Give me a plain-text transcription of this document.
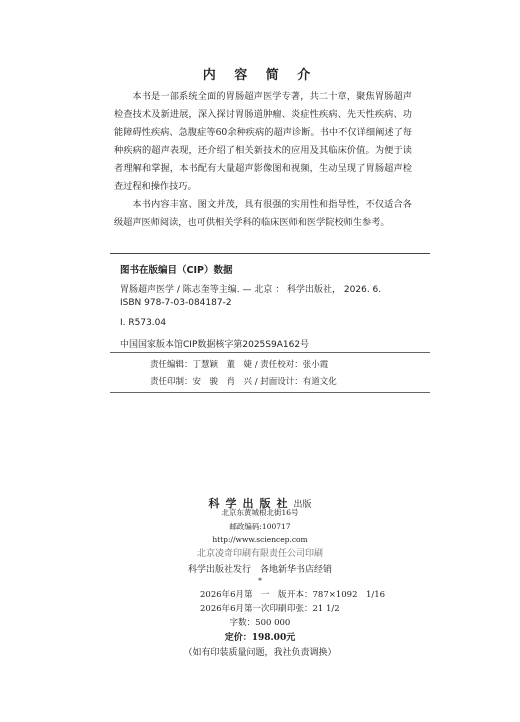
内 容 简 介

本书是一部系统全面的胃肠超声医学专著，共二十章，聚焦胃肠超声检查技术及新进展，深入探讨胃肠道肿瘤、炎症性疾病、先天性疾病、功能障碍性疾病、急腹症等60余种疾病的超声诊断。书中不仅详细阐述了每种疾病的超声表现，还介绍了相关新技术的应用及其临床价值。为便于读者理解和掌握，本书配有大量超声影像图和视频，生动呈现了胃肠超声检查过程和操作技巧。

本书内容丰富、图文并茂，具有很强的实用性和指导性，不仅适合各级超声医师阅读，也可供相关学科的临床医师和医学院校师生参考。

图书在版编目（CIP）数据
胃肠超声医学 / 陈志奎等主编. — 北京 ： 科学出版社， 2026. 6.
ISBN 978-7-03-084187-2
Ⅰ. R573.04
中国国家版本馆CIP数据核字第2025S9A162号
责任编辑：丁慧颖　董　婕 / 责任校对：张小霞
责任印制：安　骏　肖　兴 / 封面设计：有道文化
科学出版社出版
北京东黄城根北街16号
邮政编码:100717
http://www.sciencep.com
北京凌奇印刷有限责任公司印刷
科学出版社发行　各地新华书店经销
*
2026年6月第　一　版 开本：787×1092　1/16
2026年6月第一次印刷 印张：21 1/2
字数：500 000
定价：198.00元
（如有印装质量问题，我社负责调换）
